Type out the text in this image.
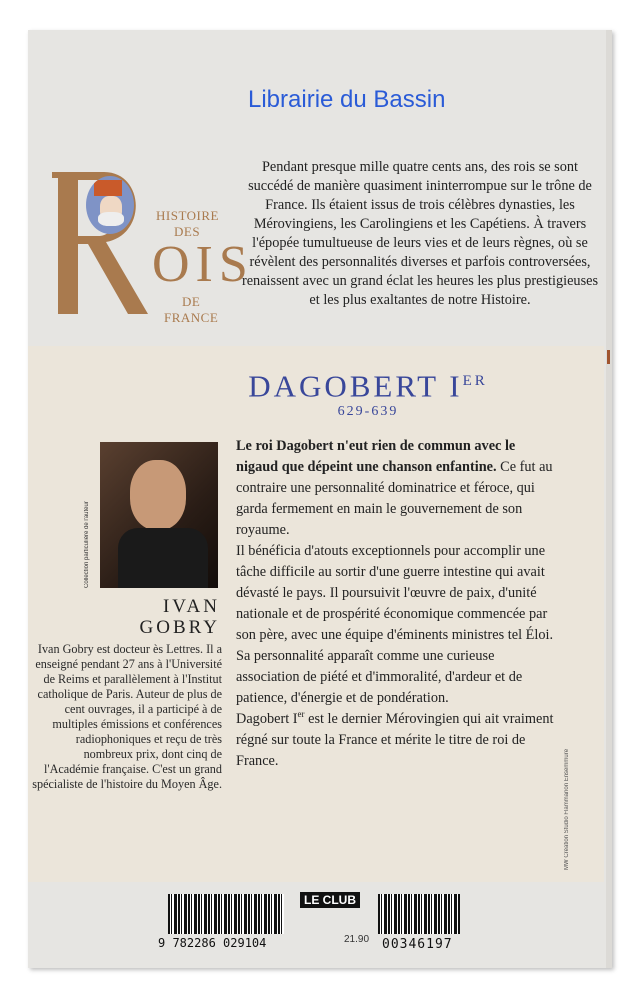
Librairie du Bassin
HISTOIRE
DES
OIS
DE
FRANCE
Pendant presque mille quatre cents ans, des rois se sont succédé de manière quasiment ininterrompue sur le trône de France. Ils étaient issus de trois célèbres dynasties, les Mérovingiens, les Carolingiens et les Capétiens. À travers l'épopée tumultueuse de leurs vies et de leurs règnes, où se révèlent des personnalités diverses et parfois controversées, renaissent avec un grand éclat les heures les plus prestigieuses et les plus exaltantes de notre Histoire.
DAGOBERT IER
629-639
Collection particulière de l'auteur
IVAN
GOBRY
Ivan Gobry est docteur ès Lettres. Il a enseigné pendant 27 ans à l'Université de Reims et parallèlement à l'Institut catholique de Paris. Auteur de plus de cent ouvrages, il a participé à de multiples émissions et conférences radiophoniques et reçu de très nombreux prix, dont cinq de l'Académie française. C'est un grand spécialiste de l'histoire du Moyen Âge.

Le roi Dagobert n'eut rien de commun avec le nigaud que dépeint une chanson enfantine. Ce fut au contraire une personnalité dominatrice et féroce, qui garda fermement en main le gouvernement de son royaume.

Il bénéficia d'atouts exceptionnels pour accomplir une tâche difficile au sortir d'une guerre intestine qui avait dévasté le pays. Il poursuivit l'œuvre de paix, d'unité nationale et de prospérité économique commencée par son père, avec une équipe d'éminents ministres tel Éloi.

Sa personnalité apparaît comme une curieuse association de piété et d'immoralité, d'ardeur et de patience, d'énergie et de pondération.

Dagobert Ier est le dernier Mérovingien qui ait vraiment régné sur toute la France et mérite le titre de roi de France.	MW Création Studio Flammarion Ensemmure
9 782286 029104
LE CLUB
21.90 00346197
